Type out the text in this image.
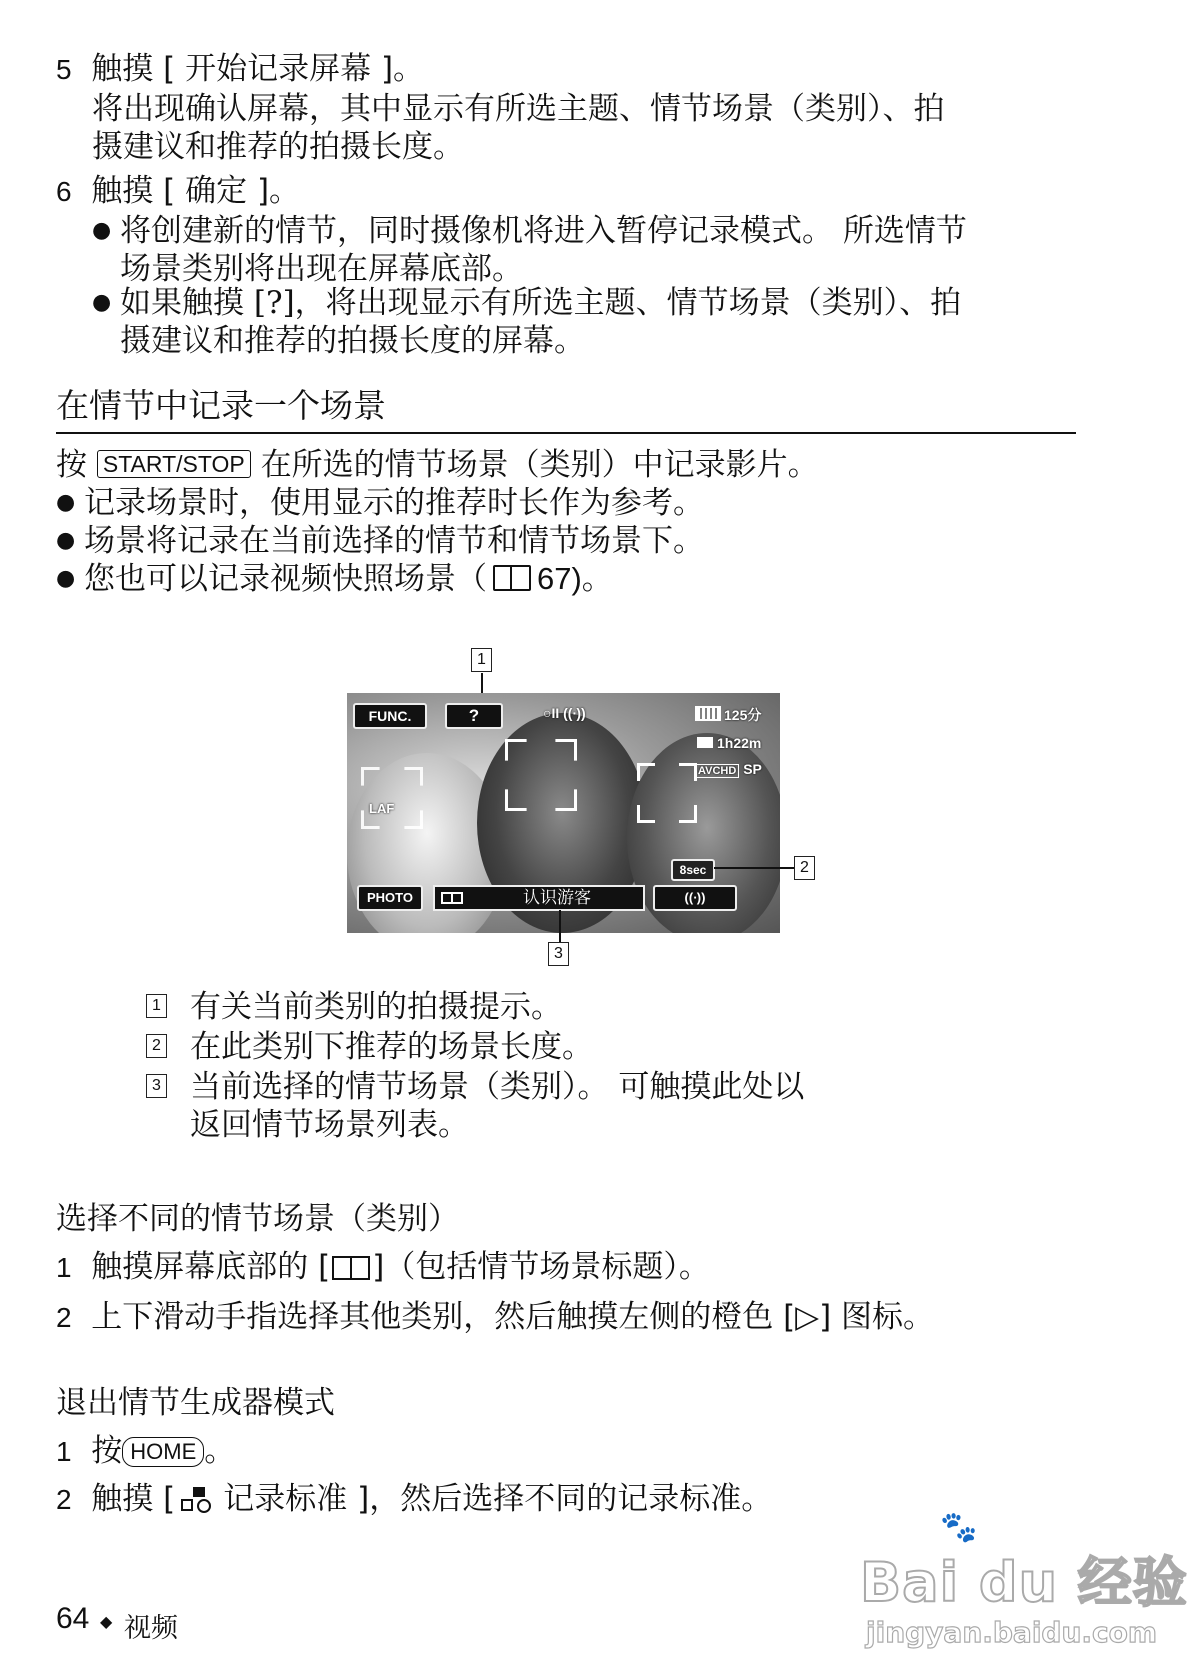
5 触摸 [ 开始记录屏幕 ]。
将出现确认屏幕，其中显示有所选主题、情节场景（类别）、拍
摄建议和推荐的拍摄长度。
6 触摸 [ 确定 ]。
● 将创建新的情节，同时摄像机将进入暂停记录模式。 所选情节
场景类别将出现在屏幕底部。
● 如果触摸 [?]，将出现显示有所选主题、情节场景（类别）、拍
摄建议和推荐的拍摄长度的屏幕。
在情节中记录一个场景
按 START/STOP 在所选的情节场景（类别）中记录影片。
● 记录场景时，使用显示的推荐时长作为参考。
● 场景将记录在当前选择的情节和情节场景下。
● 您也可以记录视频快照场景（ 67)。
1
FUNC.	?	○II ((∙))	125分
1h22m
AVCHD SP
LAF
8sec
PHOTO	认识游客	((∙))
2
3
1 有关当前类别的拍摄提示。
2 在此类别下推荐的场景长度。
3 当前选择的情节场景（类别）。 可触摸此处以
返回情节场景列表。
选择不同的情节场景（类别）
1 触摸屏幕底部的 [ ]（包括情节场景标题）。
2 上下滑动手指选择其他类别，然后触摸左侧的橙色 [▷] 图标。
退出情节生成器模式
1 按 HOME 。
2 触摸 [ 记录标准 ]，然后选择不同的记录标准。
64 ◆ 视频
Bai du 经验
🐾
jingyan.baidu.com
